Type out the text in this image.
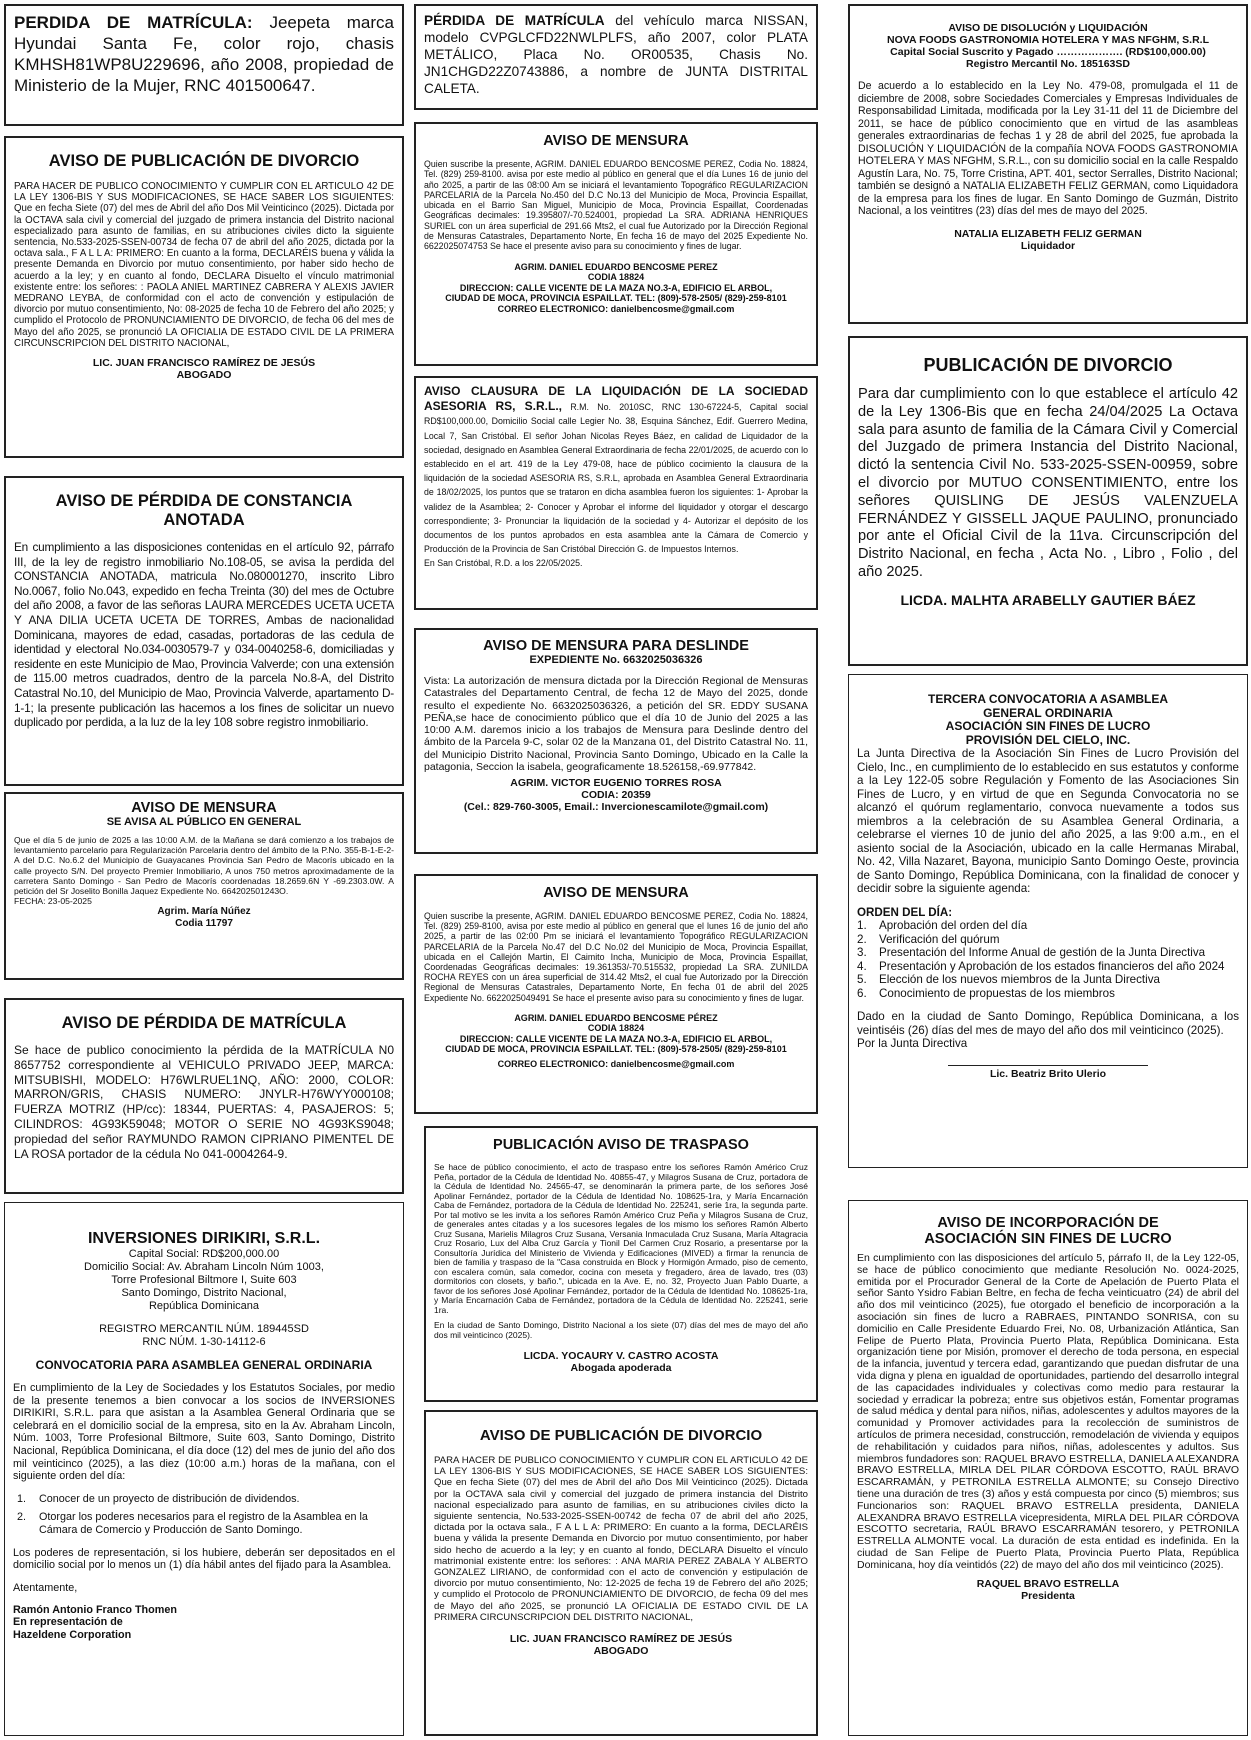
PERDIDA DE MATRÍCULA: Jeepeta marca Hyundai Santa Fe, color rojo, chasis KMHSH81WP8U229696, año 2008, propiedad de Ministerio de la Mujer, RNC 401500647.
AVISO DE PUBLICACIÓN DE DIVORCIO
PARA HACER DE PUBLICO CONOCIMIENTO Y CUMPLIR CON EL ARTICULO 42 DE LA LEY 1306-BIS Y SUS MODIFICACIONES, SE HACE SABER LOS SIGUIENTES: Que en fecha Siete (07) del mes de Abril del año Dos Mil Veinticinco (2025). Dictada por la OCTAVA sala civil y comercial del juzgado de primera instancia del Distrito nacional especializado para asunto de familias, en su atribuciones civiles dicto la siguiente sentencia, No.533-2025-SSEN-00734 de fecha 07 de abril del año 2025, dictada por la octava sala., F A L L A: PRIMERO: En cuanto a la forma, DECLARÉIS buena y válida la presente Demanda en Divorcio por mutuo consentimiento, por haber sido hecho de acuerdo a la ley; y en cuanto al fondo, DECLARA Disuelto el vínculo matrimonial existente entre: los señores: : PAOLA ANIEL MARTINEZ CABRERA Y ALEXIS JAVIER MEDRANO LEYBA, de conformidad con el acto de convención y estipulación de divorcio por mutuo consentimiento, No: 08-2025 de fecha 10 de Febrero del año 2025; y cumplido el Protocolo de PRONUNCIAMIENTO DE DIVORCIO, de fecha 06 del mes de Mayo del año 2025, se pronunció LA OFICIALIA DE ESTADO CIVIL DE LA PRIMERA CIRCUNSCRIPCION DEL DISTRITO NACIONAL,
LIC. JUAN FRANCISCO RAMÍREZ DE JESÚS
ABOGADO
AVISO DE PÉRDIDA DE CONSTANCIA ANOTADA
En cumplimiento a las disposiciones contenidas en el artículo 92, párrafo III, de la ley de registro inmobiliario No.108-05, se avisa la perdida del CONSTANCIA ANOTADA, matricula No.080001270, inscrito Libro No.0067, folio No.043, expedido en fecha Treinta (30) del mes de Octubre del año 2008, a favor de las señoras LAURA MERCEDES UCETA UCETA Y ANA DILIA UCETA UCETA DE TORRES, Ambas de nacionalidad Dominicana, mayores de edad, casadas, portadoras de las cedula de identidad y electoral No.034-0030579-7 y 034-0040258-6, domiciliadas y residente en este Municipio de Mao, Provincia Valverde; con una extensión de 115.00 metros cuadrados, dentro de la parcela No.8-A, del Distrito Catastral No.10, del Municipio de Mao, Provincia Valverde, apartamento D-1-1; la presente publicación las hacemos a los fines de solicitar un nuevo duplicado por perdida, a la luz de la ley 108 sobre registro inmobiliario.
AVISO DE MENSURA
SE AVISA AL PÚBLICO EN GENERAL
Que el día 5 de junio de 2025 a las 10:00 A.M. de la Mañana se dará comienzo a los trabajos de levantamiento parcelario para Regularización Parcelaria dentro del ámbito de la P.No. 355-B-1-E-2-A del D.C. No.6.2 del Municipio de Guayacanes Provincia San Pedro de Macorís ubicado en la calle proyecto S/N. Del proyecto Premier Inmobiliario, A unos 750 metros aproximadamente de la carretera Santo Domingo - San Pedro de Macorís coordenadas 18.2659.6N Y -69.2303.0W. A petición del Sr Joselito Bonilla Jaquez Expediente No. 664202501243O.
FECHA: 23-05-2025
Agrim. María Núñez
Codia 11797
AVISO DE PÉRDIDA DE MATRÍCULA
Se hace de publico conocimiento la pérdida de la MATRÍCULA N0 8657752 correspondiente al VEHICULO PRIVADO JEEP, MARCA: MITSUBISHI, MODELO: H76WLRUEL1NQ, AÑO: 2000, COLOR: MARRON/GRIS, CHASIS NUMERO: JNYLR-H76WYY000108; FUERZA MOTRIZ (HP/cc): 18344, PUERTAS: 4, PASAJEROS: 5; CILINDROS: 4G93K59048; MOTOR O SERIE NO 4G93KS9048; propiedad del señor RAYMUNDO RAMON CIPRIANO PIMENTEL DE LA ROSA portador de la cédula No 041-0004264-9.
INVERSIONES DIRIKIRI, S.R.L.
Capital Social: RD$200,000.00
Domicilio Social: Av. Abraham Lincoln Núm 1003,
Torre Profesional Biltmore I, Suite 603
Santo Domingo, Distrito Nacional,
República Dominicana
REGISTRO MERCANTIL NÚM. 189445SD
RNC NÚM. 1-30-14112-6
CONVOCATORIA PARA ASAMBLEA GENERAL ORDINARIA
En cumplimiento de la Ley de Sociedades y los Estatutos Sociales, por medio de la presente tenemos a bien convocar a los socios de INVERSIONES DIRIKIRI, S.R.L. para que asistan a la Asamblea General Ordinaria que se celebrará en el domicilio social de la empresa, sito en la Av. Abraham Lincoln, Núm. 1003, Torre Profesional Biltmore, Suite 603, Santo Domingo, Distrito Nacional, República Dominicana, el día doce (12) del mes de junio del año dos mil veinticinco (2025), a las diez (10:00 a.m.) horas de la mañana, con el siguiente orden del día:
1.	Conocer de un proyecto de distribución de dividendos.
2.	Otorgar los poderes necesarios para el registro de la Asamblea en la Cámara de Comercio y Producción de Santo Domingo.
Los poderes de representación, si los hubiere, deberán ser depositados en el domicilio social por lo menos un (1) día hábil antes del fijado para la Asamblea.
Atentamente,
Ramón Antonio Franco Thomen
En representación de
Hazeldene Corporation
PÉRDIDA DE MATRÍCULA del vehículo marca NISSAN, modelo CVPGLCFD22NWLPLFS, año 2007, color PLATA METÁLICO, Placa No. OR00535, Chasis No. JN1CHGD22Z0743886, a nombre de JUNTA DISTRITAL CALETA.
AVISO DE MENSURA
Quien suscribe la presente, AGRIM. DANIEL EDUARDO BENCOSME PEREZ, Codia No. 18824, Tel. (829) 259-8100. avisa por este medio al público en general que el día Lunes 16 de junio del año 2025, a partir de las 08:00 Am se iniciará el levantamiento Topográfico REGULARIZACION PARCELARIA de la Parcela No.450 del D.C No.13 del Municipio de Moca, Provincia Espaillat, ubicada en el Barrio San Miguel, Municipio de Moca, Provincia Espaillat, Coordenadas Geográficas decimales: 19.395807/-70.524001, propiedad La SRA. ADRIANA HENRIQUES SURIEL con un área superficial de 291.66 Mts2, el cual fue Autorizado por la Dirección Regional de Mensuras Catastrales, Departamento Norte, En fecha 16 de mayo del 2025 Expediente No. 6622025074753 Se hace el presente aviso para su conocimiento y fines de lugar.
AGRIM. DANIEL EDUARDO BENCOSME PEREZ
CODIA 18824
DIRECCION: CALLE VICENTE DE LA MAZA NO.3-A, EDIFICIO EL ARBOL, CIUDAD DE MOCA, PROVINCIA ESPAILLAT. TEL: (809)-578-2505/ (829)-259-8101
CORREO ELECTRONICO: danielbencosme@gmail.com
AVISO CLAUSURA DE LA LIQUIDACIÓN DE LA SOCIEDAD ASESORIA RS, S.R.L., R.M. No. 2010SC, RNC 130-67224-5, Capital social RD$100,000.00, Domicilio Social calle Legier No. 38, Esquina Sánchez, Edif. Guerrero Medina, Local 7, San Cristóbal. El señor Johan Nicolas Reyes Báez, en calidad de Liquidador de la sociedad, designado en Asamblea General Extraordinaria de fecha 22/01/2025, de acuerdo con lo establecido en el art. 419 de la Ley 479-08, hace de público cocimiento la clausura de la liquidación de la sociedad ASESORIA RS, S.R.L, aprobada en Asamblea General Extraordinaria de 18/02/2025, los puntos que se trataron en dicha asamblea fueron los siguientes: 1- Aprobar la validez de la Asamblea; 2- Conocer y Aprobar el informe del liquidador y otorgar el descargo correspondiente; 3- Pronunciar la liquidación de la sociedad y 4- Autorizar el depósito de los documentos de los puntos aprobados en esta asamblea ante la Cámara de Comercio y Producción de la Provincia de San Cristóbal Dirección G. de Impuestos Internos.
En San Cristóbal, R.D. a los 22/05/2025.
AVISO DE MENSURA PARA DESLINDE
EXPEDIENTE No. 6632025036326
Vista: La autorización de mensura dictada por la Dirección Regional de Mensuras Catastrales del Departamento Central, de fecha 12 de Mayo del 2025, donde resulto el expediente No. 6632025036326, a petición del SR. EDDY SUSANA PEÑA,se hace de conocimiento público que el día 10 de Junio del 2025 a las 10:00 A.M. daremos inicio a los trabajos de Mensura para Deslinde dentro del ámbito de la Parcela 9-C, solar 02 de la Manzana 01, del Distrito Catastral No. 11, del Municipio Distrito Nacional, Provincia Santo Domingo, Ubicado en la Calle la patagonia, Seccion la isabela, geograficamente 18.526158,-69.977842.
AGRIM. VICTOR EUGENIO TORRES ROSA
CODIA: 20359
(Cel.: 829-760-3005, Email.: Invercionescamilote@gmail.com)
AVISO DE MENSURA
Quien suscribe la presente, AGRIM. DANIEL EDUARDO BENCOSME PEREZ, Codia No. 18824, Tel. (829) 259-8100, avisa por este medio al público en general que el lunes 16 de junio del año 2025, a partir de las 02:00 Pm se iniciará el levantamiento Topográfico REGULARIZACION PARCELARIA de la Parcela No.47 del D.C No.02 del Municipio de Moca, Provincia Espaillat, ubicada en el Callejón Martin, El Caimito Incha, Municipio de Moca, Provincia Espaillat, Coordenadas Geográficas decimales: 19.361353/-70.515532, propiedad La SRA. ZUNILDA ROCHA REYES con un área superficial de 314.42 Mts2, el cual fue Autorizado por la Dirección Regional de Mensuras Catastrales, Departamento Norte, En fecha 01 de abril del 2025 Expediente No. 6622025049491 Se hace el presente aviso para su conocimiento y fines de lugar.
AGRIM. DANIEL EDUARDO BENCOSME PÉREZ
CODIA 18824
DIRECCION: CALLE VICENTE DE LA MAZA NO.3-A, EDIFICIO EL ARBOL, CIUDAD DE MOCA, PROVINCIA ESPAILLAT. TEL: (809)-578-2505/ (829)-259-8101
CORREO ELECTRONICO: danielbencosme@gmail.com
PUBLICACIÓN AVISO DE TRASPASO
Se hace de público conocimiento, el acto de traspaso entre los señores Ramón Américo Cruz Peña, portador de la Cédula de Identidad No. 40855-47, y Milagros Susana de Cruz, portadora de la Cédula de Identidad No. 24565-47, se denominarán la primera parte, de los señores José Apolinar Fernández, portador de la Cédula de Identidad No. 108625-1ra, y María Encarnación Caba de Fernández, portadora de la Cédula de Identidad No. 225241, serie 1ra, la segunda parte. Por tal motivo se les invita a los señores Ramón Américo Cruz Peña y Milagros Susana de Cruz, de generales antes citadas y a los sucesores legales de los mismo los señores Ramón Alberto Cruz Susana, Marielis Milagros Cruz Susana, Versania Inmaculada Cruz Susana, María Altagracia Cruz Rosario, Lux del Alba Cruz García y Tionil Del Carmen Cruz Rosario, a presentarse por la Consultoría Jurídica del Ministerio de Vivienda y Edificaciones (MIVED) a firmar la renuncia de bien de familia y traspaso de la "Casa construida en Block y Hormigón Armado, piso de cemento, con escalera común, sala comedor, cocina con meseta y fregadero, área de lavado, tres (03) dormitorios con closets, y baño.", ubicada en la Ave. E, no. 32, Proyecto Juan Pablo Duarte, a favor de los señores José Apolinar Fernández, portador de la Cédula de Identidad No. 108625-1ra, y María Encarnación Caba de Fernández, portadora de la Cédula de Identidad No. 225241, serie 1ra.
En la ciudad de Santo Domingo, Distrito Nacional a los siete (07) días del mes de mayo del año dos mil veinticinco (2025).
LICDA. YOCAURY V. CASTRO ACOSTA
Abogada apoderada
AVISO DE PUBLICACIÓN DE DIVORCIO
PARA HACER DE PUBLICO CONOCIMIENTO Y CUMPLIR CON EL ARTICULO 42 DE LA LEY 1306-BIS Y SUS MODIFICACIONES, SE HACE SABER LOS SIGUIENTES: Que en fecha Siete (07) del mes de Abril del año Dos Mil Veinticinco (2025). Dictada por la OCTAVA sala civil y comercial del juzgado de primera instancia del Distrito nacional especializado para asunto de familias, en su atribuciones civiles dicto la siguiente sentencia, No.533-2025-SSEN-00742 de fecha 07 de abril del año 2025, dictada por la octava sala., F A L L A: PRIMERO: En cuanto a la forma, DECLARÉIS buena y válida la presente Demanda en Divorcio por mutuo consentimiento, por haber sido hecho de acuerdo a la ley; y en cuanto al fondo, DECLARA Disuelto el vínculo matrimonial existente entre: los señores: : ANA MARIA PEREZ ZABALA Y ALBERTO GONZALEZ LIRIANO, de conformidad con el acto de convención y estipulación de divorcio por mutuo consentimiento, No: 12-2025 de fecha 19 de Febrero del año 2025; y cumplido el Protocolo de PRONUNCIAMIENTO DE DIVORCIO, de fecha 09 del mes de Mayo del año 2025, se pronunció LA OFICIALIA DE ESTADO CIVIL DE LA PRIMERA CIRCUNSCRIPCION DEL DISTRITO NACIONAL,
LIC. JUAN FRANCISCO RAMÍREZ DE JESÚS
ABOGADO
AVISO DE DISOLUCIÓN y LIQUIDACIÓN
NOVA FOODS GASTRONOMIA HOTELERA Y MAS NFGHM, S.R.L
Capital Social Suscrito y Pagado ………………. (RD$100,000.00)
Registro Mercantil No. 185163SD
De acuerdo a lo establecido en la Ley No. 479-08, promulgada el 11 de diciembre de 2008, sobre Sociedades Comerciales y Empresas Individuales de Responsabilidad Limitada, modificada por la Ley 31-11 del 11 de Diciembre del 2011, se hace de público conocimiento que en virtud de las asambleas generales extraordinarias de fechas 1 y 28 de abril del 2025, fue aprobada la DISOLUCIÓN Y LIQUIDACIÓN de la compañía NOVA FOODS GASTRONOMIA HOTELERA Y MAS NFGHM, S.R.L., con su domicilio social en la calle Respaldo Agustín Lara, No. 75, Torre Cristina, APT. 401, sector Serralles, Distrito Nacional; también se designó a NATALIA ELIZABETH FELIZ GERMAN, como Liquidadora de la empresa para los fines de lugar. En Santo Domingo de Guzmán, Distrito Nacional, a los veintitres (23) días del mes de mayo del 2025.
NATALIA ELIZABETH FELIZ GERMAN
Liquidador
PUBLICACIÓN DE DIVORCIO
Para dar cumplimiento con lo que establece el artículo 42 de la Ley 1306-Bis que en fecha 24/04/2025 La Octava sala para asunto de familia de la Cámara Civil y Comercial del Juzgado de primera Instancia del Distrito Nacional, dictó la sentencia Civil No. 533-2025-SSEN-00959, sobre el divorcio por MUTUO CONSENTIMIENTO, entre los señores QUISLING DE JESÚS VALENZUELA FERNÁNDEZ Y GISSELL JAQUE PAULINO, pronunciado por ante el Oficial Civil de la 11va. Circunscripción del Distrito Nacional, en fecha , Acta No. , Libro , Folio , del año 2025.
LICDA. MALHTA ARABELLY GAUTIER BÁEZ
TERCERA CONVOCATORIA A ASAMBLEA
GENERAL ORDINARIA
ASOCIACIÓN SIN FINES DE LUCRO
PROVISIÓN DEL CIELO, INC.
La Junta Directiva de la Asociación Sin Fines de Lucro Provisión del Cielo, Inc., en cumplimiento de lo establecido en sus estatutos y conforme a la Ley 122-05 sobre Regulación y Fomento de las Asociaciones Sin Fines de Lucro, y en virtud de que en Segunda Convocatoria no se alcanzó el quórum reglamentario, convoca nuevamente a todos sus miembros a la celebración de su Asamblea General Ordinaria, a celebrarse el viernes 10 de junio del año 2025, a las 9:00 a.m., en el asiento social de la Asociación, ubicado en la calle Hermanas Mirabal, No. 42, Villa Nazaret, Bayona, municipio Santo Domingo Oeste, provincia de Santo Domingo, República Dominicana, con la finalidad de conocer y decidir sobre la siguiente agenda:
ORDEN DEL DÍA:
1.	Aprobación del orden del día
2.	Verificación del quórum
3.	Presentación del Informe Anual de gestión de la Junta Directiva
4.	Presentación y Aprobación de los estados financieros del año 2024
5.	Elección de los nuevos miembros de la Junta Directiva
6.	Conocimiento de propuestas de los miembros
Dado en la ciudad de Santo Domingo, República Dominicana, a los veintiséis (26) días del mes de mayo del año dos mil veinticinco (2025).
Por la Junta Directiva
Lic. Beatriz Brito Ulerio
AVISO DE INCORPORACIÓN DE
ASOCIACIÓN SIN FINES DE LUCRO
En cumplimiento con las disposiciones del artículo 5, párrafo II, de la Ley 122-05, se hace de público conocimiento que mediante Resolución No. 0024-2025, emitida por el Procurador General de la Corte de Apelación de Puerto Plata el señor Santo Ysidro Fabian Beltre, en fecha de fecha veinticuatro (24) de abril del año dos mil veinticinco (2025), fue otorgado el beneficio de incorporación a la asociación sin fines de lucro a RABRAES, PINTANDO SONRISA, con su domicilio en Calle Presidente Eduardo Frei, No. 08, Urbanización Atlántica, San Felipe de Puerto Plata, Provincia Puerto Plata, República Dominicana. Esta organización tiene por Misión, promover el derecho de toda persona, en especial de la infancia, juventud y tercera edad, garantizando que puedan disfrutar de una vida digna y plena en igualdad de oportunidades, partiendo del desarrollo integral de las capacidades individuales y colectivas como medio para restaurar la sociedad y erradicar la pobreza; entre sus objetivos están, Fomentar programas de salud médica y dental para niños, niñas, adolescentes y adultos mayores de la comunidad y Promover actividades para la recolección de suministros de artículos de primera necesidad, construcción, remodelación de vivienda y equipos de rehabilitación y cuidados para niños, niñas, adolescentes y adultos. Sus miembros fundadores son: RAQUEL BRAVO ESTRELLA, DANIELA ALEXANDRA BRAVO ESTRELLA, MIRLA DEL PILAR CÓRDOVA ESCOTTO, RAÚL BRAVO ESCARRAMÁN, y PETRONILA ESTRELLA ALMONTE; su Consejo Directivo tiene una duración de tres (3) años y está compuesta por cinco (5) miembros; sus Funcionarios son: RAQUEL BRAVO ESTRELLA presidenta, DANIELA ALEXANDRA BRAVO ESTRELLA vicepresidenta, MIRLA DEL PILAR CÓRDOVA ESCOTTO secretaria, RAÚL BRAVO ESCARRAMÁN tesorero, y PETRONILA ESTRELLA ALMONTE vocal. La duración de esta entidad es indefinida. En la ciudad de San Felipe de Puerto Plata, Provincia Puerto Plata, República Dominicana, hoy día veintidós (22) de mayo del año dos mil veinticinco (2025).
RAQUEL BRAVO ESTRELLA
Presidenta
